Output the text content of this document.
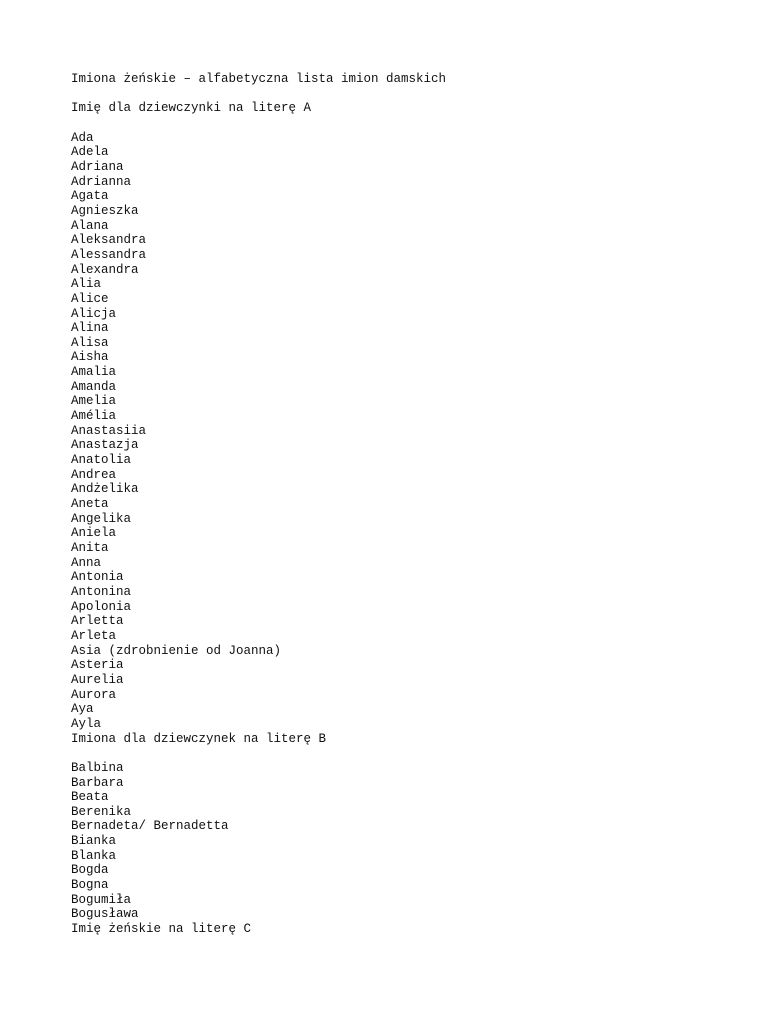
Imiona żeńskie – alfabetyczna lista imion damskich
Imię dla dziewczynki na literę A
Ada
Adela
Adriana
Adrianna
Agata
Agnieszka
Alana
Aleksandra
Alessandra
Alexandra
Alia
Alice
Alicja
Alina
Alisa
Aisha
Amalia
Amanda
Amelia
Amélia
Anastasiia
Anastazja
Anatolia
Andrea
Andżelika
Aneta
Angelika
Aniela
Anita
Anna
Antonia
Antonina
Apolonia
Arletta
Arleta
Asia (zdrobnienie od Joanna)
Asteria
Aurelia
Aurora
Aya
Ayla
Imiona dla dziewczynek na literę B
Balbina
Barbara
Beata
Berenika
Bernadeta/ Bernadetta
Bianka
Blanka
Bogda
Bogna
Bogumiła
Bogusława
Imię żeńskie na literę C
